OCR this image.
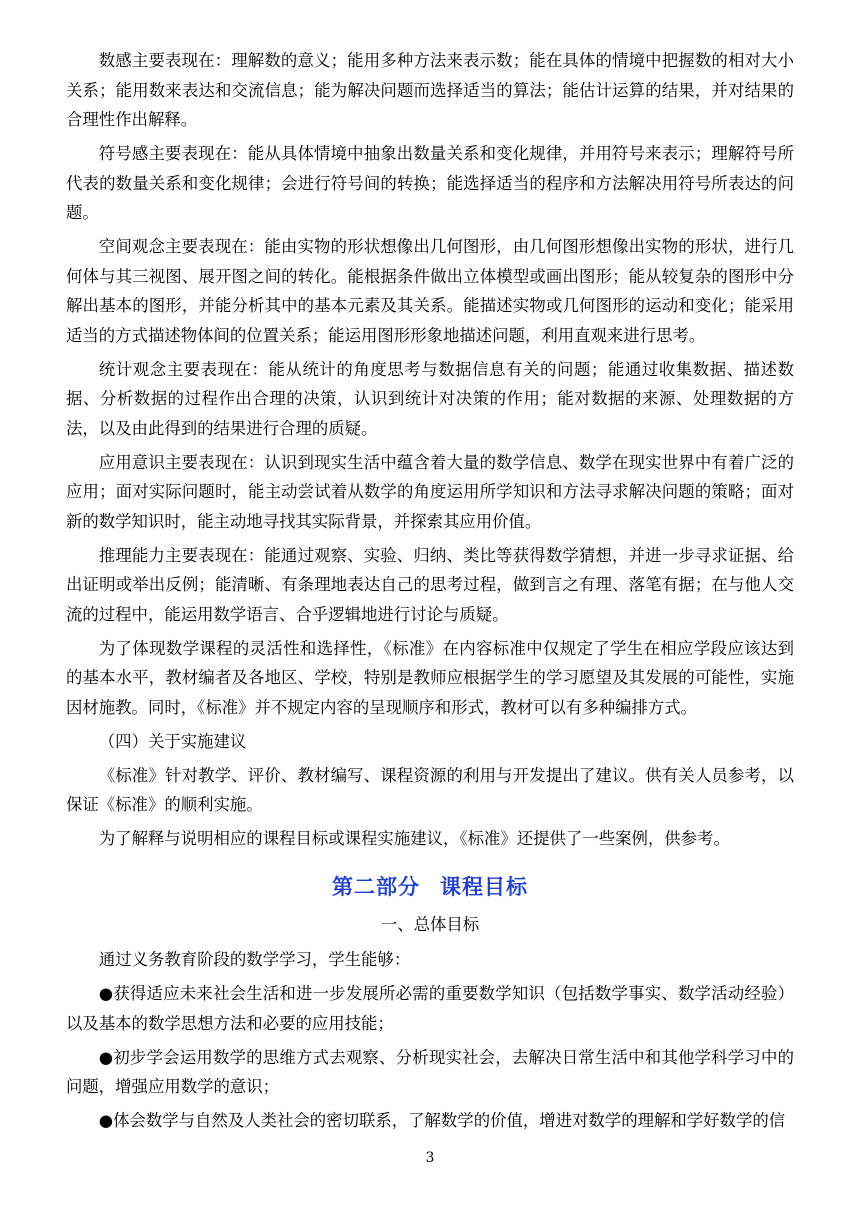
数感主要表现在：理解数的意义；能用多种方法来表示数；能在具体的情境中把握数的相对大小关系；能用数来表达和交流信息；能为解决问题而选择适当的算法；能估计运算的结果，并对结果的合理性作出解释。

符号感主要表现在：能从具体情境中抽象出数量关系和变化规律，并用符号来表示；理解符号所代表的数量关系和变化规律；会进行符号间的转换；能选择适当的程序和方法解决用符号所表达的问题。

空间观念主要表现在：能由实物的形状想像出几何图形，由几何图形想像出实物的形状，进行几何体与其三视图、展开图之间的转化。能根据条件做出立体模型或画出图形；能从较复杂的图形中分解出基本的图形，并能分析其中的基本元素及其关系。能描述实物或几何图形的运动和变化；能采用适当的方式描述物体间的位置关系；能运用图形形象地描述问题，利用直观来进行思考。

统计观念主要表现在：能从统计的角度思考与数据信息有关的问题；能通过收集数据、描述数据、分析数据的过程作出合理的决策，认识到统计对决策的作用；能对数据的来源、处理数据的方法，以及由此得到的结果进行合理的质疑。

应用意识主要表现在：认识到现实生活中蕴含着大量的数学信息、数学在现实世界中有着广泛的应用；面对实际问题时，能主动尝试着从数学的角度运用所学知识和方法寻求解决问题的策略；面对新的数学知识时，能主动地寻找其实际背景，并探索其应用价值。

推理能力主要表现在：能通过观察、实验、归纳、类比等获得数学猜想，并进一步寻求证据、给出证明或举出反例；能清晰、有条理地表达自己的思考过程，做到言之有理、落笔有据；在与他人交流的过程中，能运用数学语言、合乎逻辑地进行讨论与质疑。

为了体现数学课程的灵活性和选择性，《标准》在内容标准中仅规定了学生在相应学段应该达到的基本水平，教材编者及各地区、学校，特别是教师应根据学生的学习愿望及其发展的可能性，实施因材施教。同时，《标准》并不规定内容的呈现顺序和形式，教材可以有多种编排方式。

（四）关于实施建议

《标准》针对教学、评价、教材编写、课程资源的利用与开发提出了建议。供有关人员参考，以保证《标准》的顺利实施。

为了解释与说明相应的课程目标或课程实施建议，《标准》还提供了一些案例，供参考。

第二部分 课程目标
一、总体目标

通过义务教育阶段的数学学习，学生能够：

●获得适应未来社会生活和进一步发展所必需的重要数学知识（包括数学事实、数学活动经验）以及基本的数学思想方法和必要的应用技能；

●初步学会运用数学的思维方式去观察、分析现实社会，去解决日常生活中和其他学科学习中的问题，增强应用数学的意识；

●体会数学与自然及人类社会的密切联系，了解数学的价值，增进对数学的理解和学好数学的信

3
